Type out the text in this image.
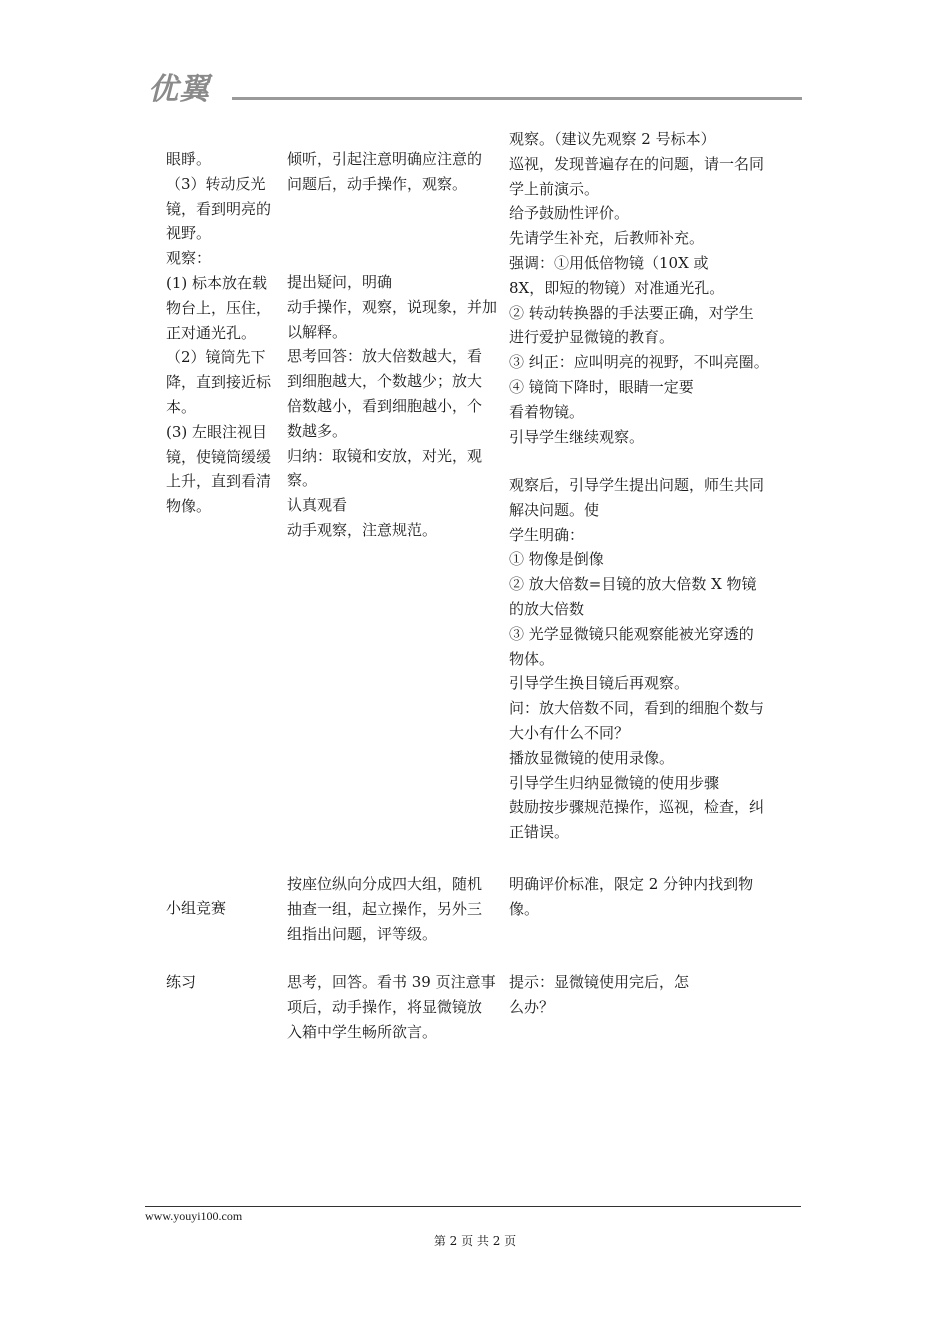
优翼
眼睜。
（3）转动反光
镜，看到明亮的
视野。
观察：
(1) 标本放在载
物台上，压住，
正对通光孔。
（2）镜筒先下
降，直到接近标
本。
(3) 左眼注视目
镜，使镜筒缓缓
上升，直到看清
物像。
倾听，引起注意明确应注意的
问题后，动手操作，观察。
提出疑问，明确
动手操作，观察，说现象，并加
以解释。
思考回答：放大倍数越大，看
到细胞越大，个数越少；放大
倍数越小，看到细胞越小，个
数越多。
归纳：取镜和安放，对光，观
察。
认真观看
动手观察，注意规范。
观察。（建议先观察 2 号标本）
巡视，发现普遍存在的问题，请一名同
学上前演示。
给予鼓励性评价。
先请学生补充，后教师补充。
强调：①用低倍物镜（10X 或
8X，即短的物镜）对准通光孔。
② 转动转换器的手法要正确，对学生
进行爱护显微镜的教育。
③ 纠正：应叫明亮的视野，不叫亮圈。
④ 镜筒下降时，眼睛一定要
看着物镜。
引导学生继续观察。
观察后，引导学生提出问题，师生共同
解决问题。使
学生明确：
① 物像是倒像
② 放大倍数=目镜的放大倍数 X 物镜
的放大倍数
③ 光学显微镜只能观察能被光穿透的
物体。
引导学生换目镜后再观察。
问：放大倍数不同，看到的细胞个数与
大小有什么不同？
播放显微镜的使用录像。
引导学生归纳显微镜的使用步骤
鼓励按步骤规范操作，巡视，检查，纠
正错误。
小组竞赛
按座位纵向分成四大组，随机
抽查一组，起立操作，另外三
组指出问题，评等级。
明确评价标准，限定 2 分钟内找到物
像。
练习	思考，回答。看书 39 页注意事
项后，动手操作，将显微镜放
入箱中学生畅所欲言。
提示：显微镜使用完后，怎
么办？
www.youyi100.com
第 2 页 共 2 页
